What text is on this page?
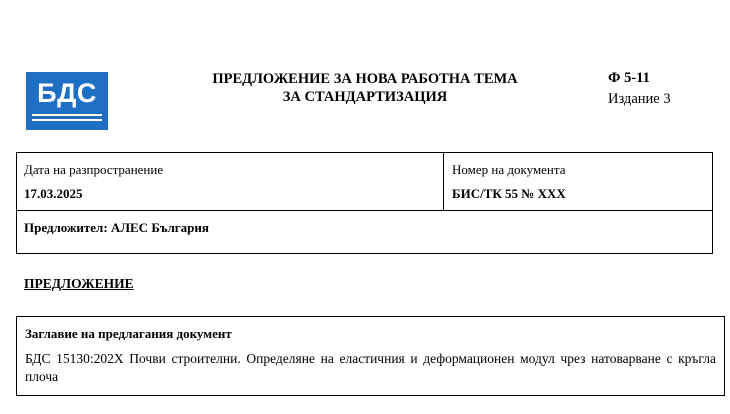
БДС	ПРЕДЛОЖЕНИЕ ЗА НОВА РАБОТНА ТЕМА
ЗА СТАНДАРТИЗАЦИЯ
Ф 5-11
Издание 3
Дата на разпространение
17.03.2025
Номер на документа
БИС/ТК 55 № XXX
Предложител: АЛЕС България
ПРЕДЛОЖЕНИЕ
Заглавие на предлагания документ
БДС 15130:202Х Почви строителни. Определяне на еластичния и деформационен модул чрез натоварване с кръгла плоча
